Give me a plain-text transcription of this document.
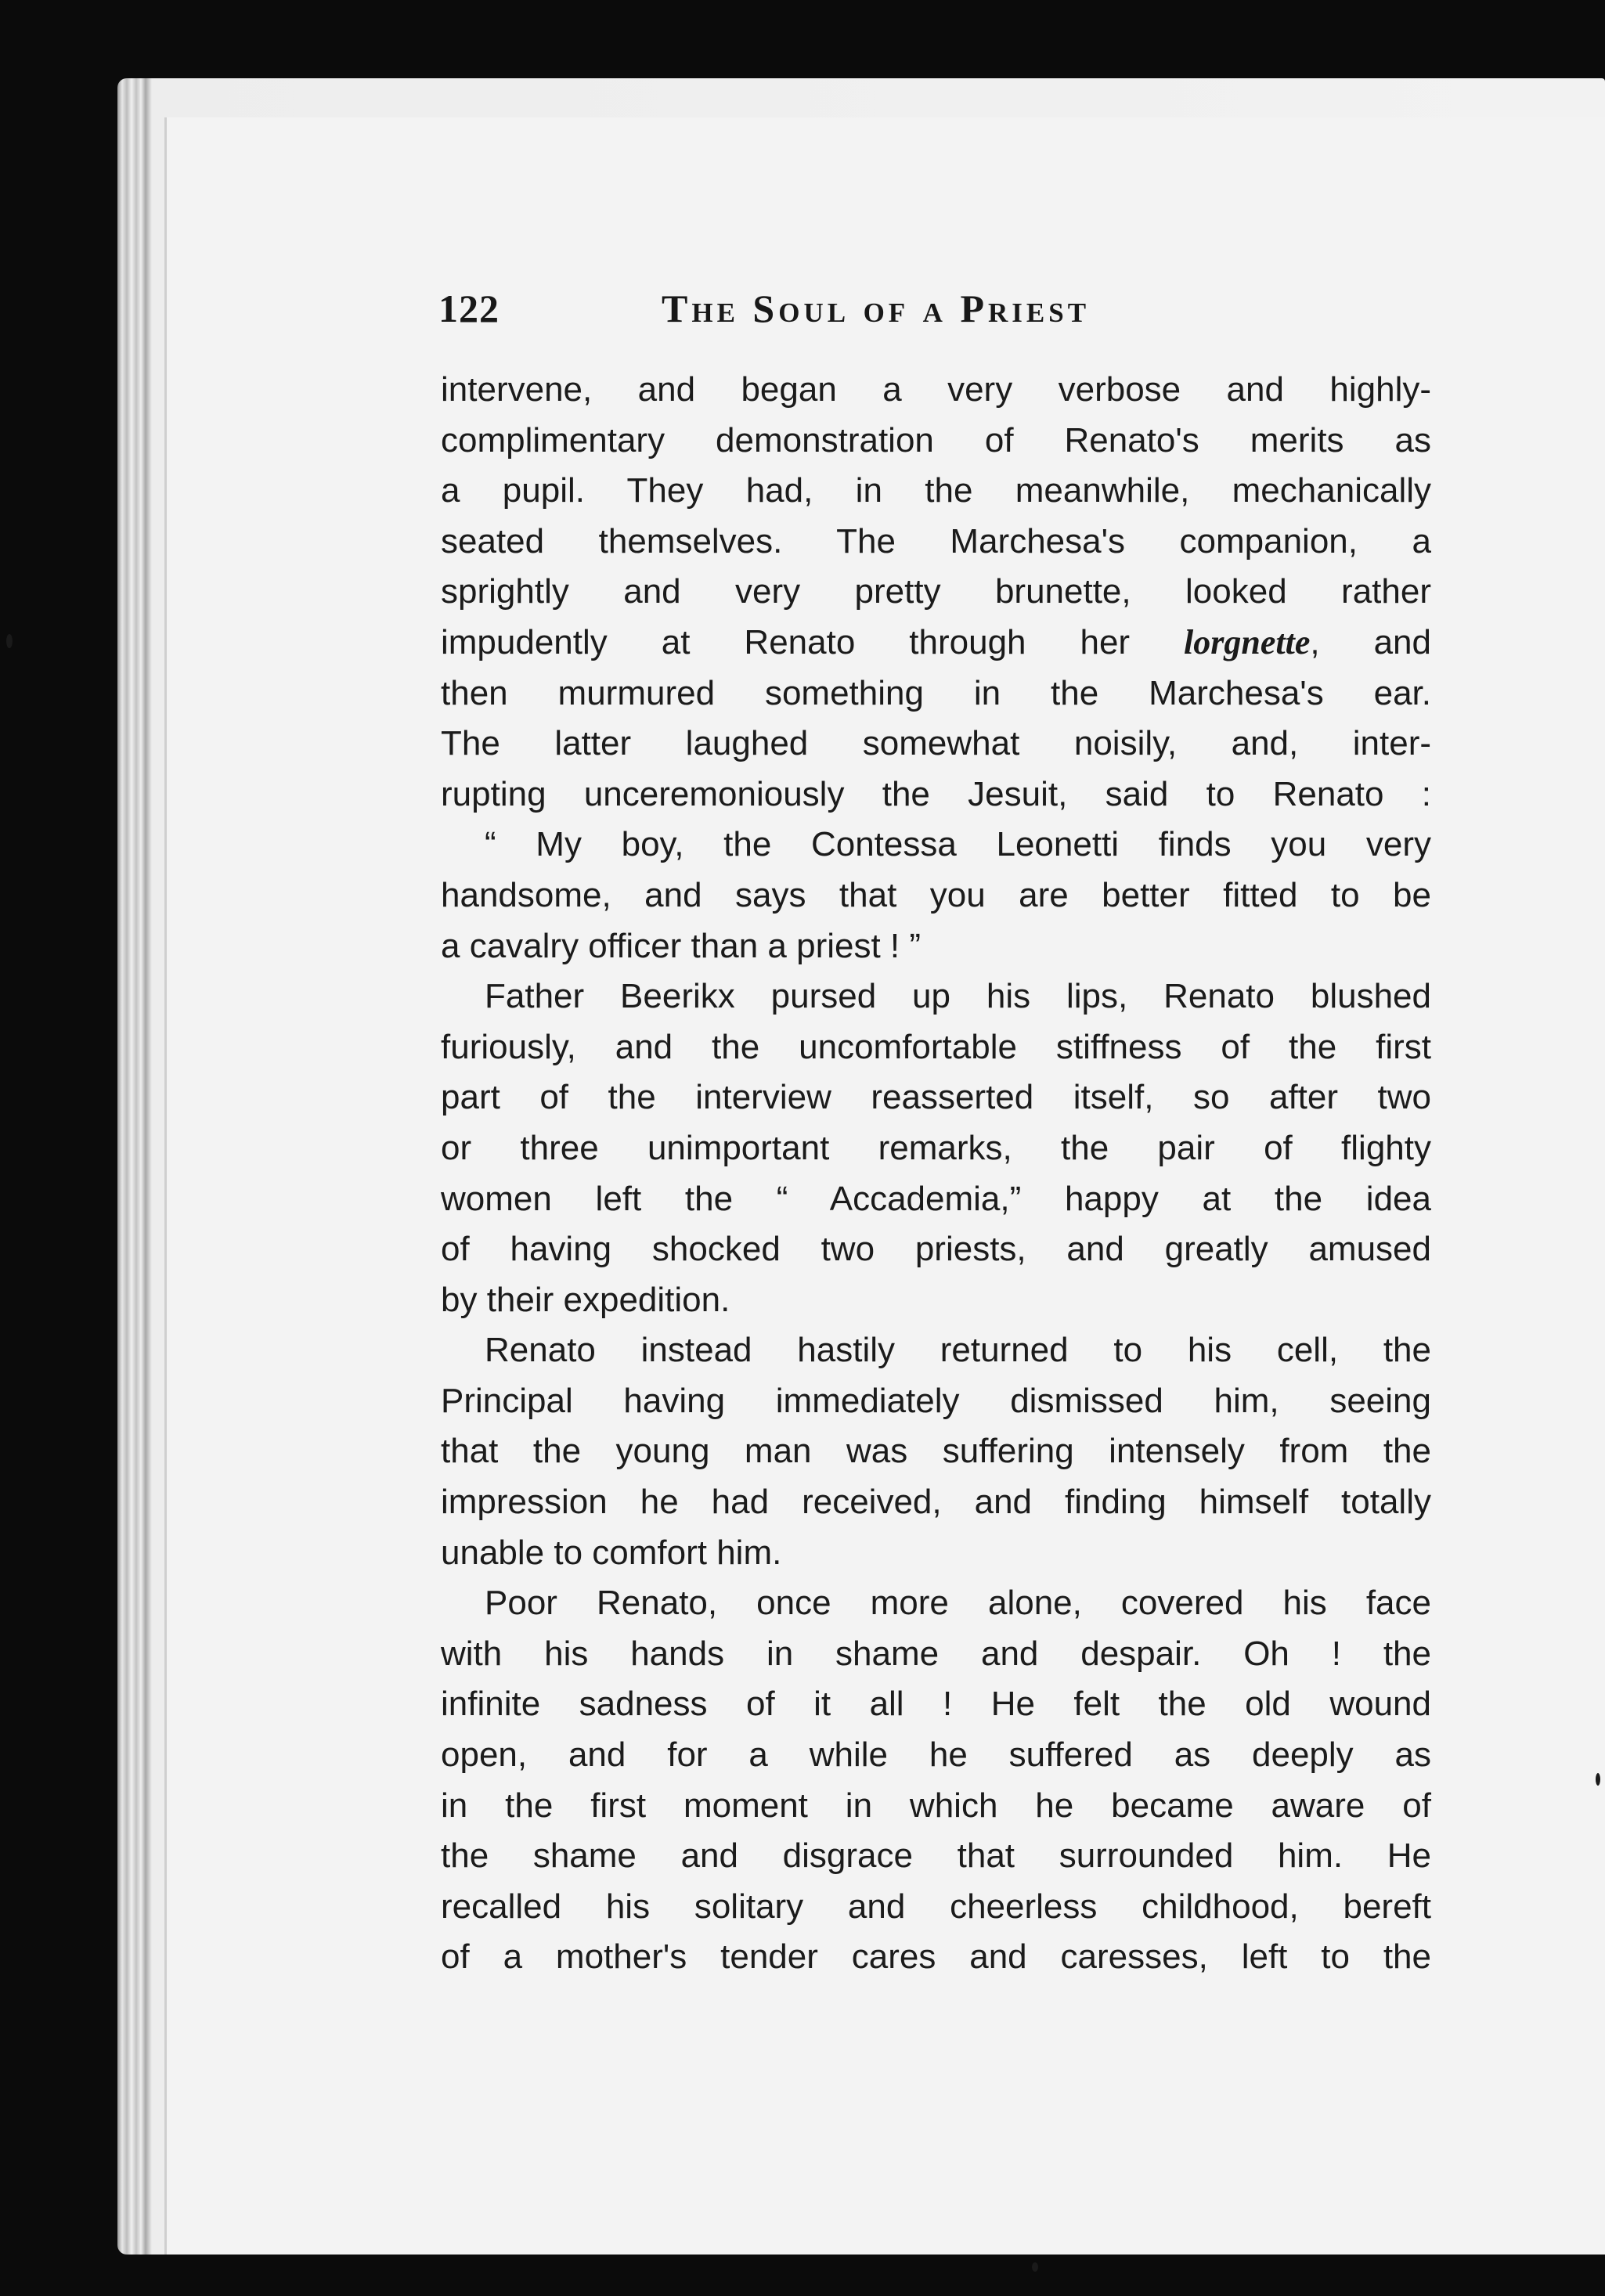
122	The Soul of a Priest
intervene, and began a very verbose and highly-
complimentary demonstration of Renato's merits as
a pupil. They had, in the meanwhile, mechanically
seated themselves. The Marchesa's companion, a
sprightly and very pretty brunette, looked rather
impudently at Renato through her lorgnette, and
then murmured something in the Marchesa's ear.
The latter laughed somewhat noisily, and, inter-
rupting unceremoniously the Jesuit, said to Renato :
“ My boy, the Contessa Leonetti finds you very
handsome, and says that you are better fitted to be
a cavalry officer than a priest ! ”
Father Beerikx pursed up his lips, Renato blushed
furiously, and the uncomfortable stiffness of the first
part of the interview reasserted itself, so after two
or three unimportant remarks, the pair of flighty
women left the “ Accademia,” happy at the idea
of having shocked two priests, and greatly amused
by their expedition.
Renato instead hastily returned to his cell, the
Principal having immediately dismissed him, seeing
that the young man was suffering intensely from the
impression he had received, and finding himself totally
unable to comfort him.
Poor Renato, once more alone, covered his face
with his hands in shame and despair. Oh ! the
infinite sadness of it all ! He felt the old wound
open, and for a while he suffered as deeply as
in the first moment in which he became aware of
the shame and disgrace that surrounded him. He
recalled his solitary and cheerless childhood, bereft
of a mother's tender cares and caresses, left to the
